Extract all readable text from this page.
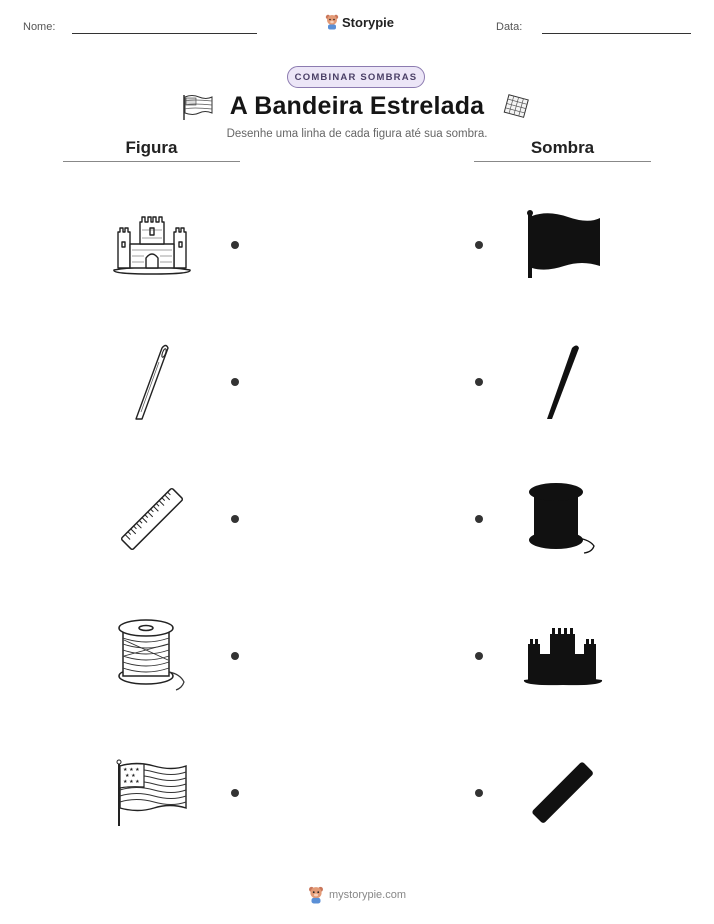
Nome:	Storypie	Data:
COMBINAR SOMBRAS
A Bandeira Estrelada
Desenhe uma linha de cada figura até sua sombra.
Figura	Sombra
★ ★ ★
★ ★
★ ★ ★
mystorypie.com
